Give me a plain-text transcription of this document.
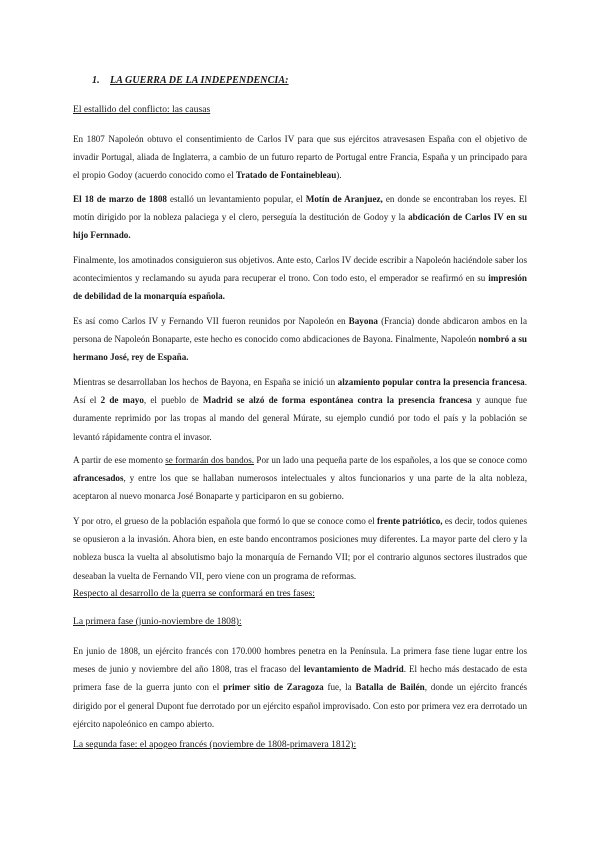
1. LA GUERRA DE LA INDEPENDENCIA:
El estallido del conflicto: las causas

En 1807 Napoleón obtuvo el consentimiento de Carlos IV para que sus ejércitos atravesasen España con el objetivo de invadir Portugal, aliada de Inglaterra, a cambio de un futuro reparto de Portugal entre Francia, España y un principado para el propio Godoy (acuerdo conocido como el Tratado de Fontainebleau).

El 18 de marzo de 1808 estalló un levantamiento popular, el Motín de Aranjuez, en donde se encontraban los reyes. El motín dirigido por la nobleza palaciega y el clero, perseguía la destitución de Godoy y la abdicación de Carlos IV en su hijo Fernnado.

Finalmente, los amotinados consiguieron sus objetivos. Ante esto, Carlos IV decide escribir a Napoleón haciéndole saber los acontecimientos y reclamando su ayuda para recuperar el trono. Con todo esto, el emperador se reafirmó en su impresión de debilidad de la monarquía española.

Es así como Carlos IV y Fernando VII fueron reunidos por Napoleón en Bayona (Francia) donde abdicaron ambos en la persona de Napoleón Bonaparte, este hecho es conocido como abdicaciones de Bayona. Finalmente, Napoleón nombró a su hermano José, rey de España.

Mientras se desarrollaban los hechos de Bayona, en España se inició un alzamiento popular contra la presencia francesa. Así el 2 de mayo, el pueblo de Madrid se alzó de forma espontánea contra la presencia francesa y aunque fue duramente reprimido por las tropas al mando del general Múrate, su ejemplo cundió por todo el país y la población se levantó rápidamente contra el invasor.

A partir de ese momento se formarán dos bandos. Por un lado una pequeña parte de los españoles, a los que se conoce como afrancesados, y entre los que se hallaban numerosos intelectuales y altos funcionarios y una parte de la alta nobleza, aceptaron al nuevo monarca José Bonaparte y participaron en su gobierno.

Y por otro, el grueso de la población española que formó lo que se conoce como el frente patriótico, es decir, todos quienes se opusieron a la invasión. Ahora bien, en este bando encontramos posiciones muy diferentes. La mayor parte del clero y la nobleza busca la vuelta al absolutismo bajo la monarquía de Fernando VII; por el contrario algunos sectores ilustrados que deseaban la vuelta de Fernando VII, pero viene con un programa de reformas.

Respecto al desarrollo de la guerra se conformará en tres fases:
La primera fase (junio-noviembre de 1808):

En junio de 1808, un ejército francés con 170.000 hombres penetra en la Península. La primera fase tiene lugar entre los meses de junio y noviembre del año 1808, tras el fracaso del levantamiento de Madrid. El hecho más destacado de esta primera fase de la guerra junto con el primer sitio de Zaragoza fue, la Batalla de Bailén, donde un ejército francés dirigido por el general Dupont fue derrotado por un ejército español improvisado. Con esto por primera vez era derrotado un ejército napoleónico en campo abierto.

La segunda fase: el apogeo francés (noviembre de 1808-primavera 1812):
